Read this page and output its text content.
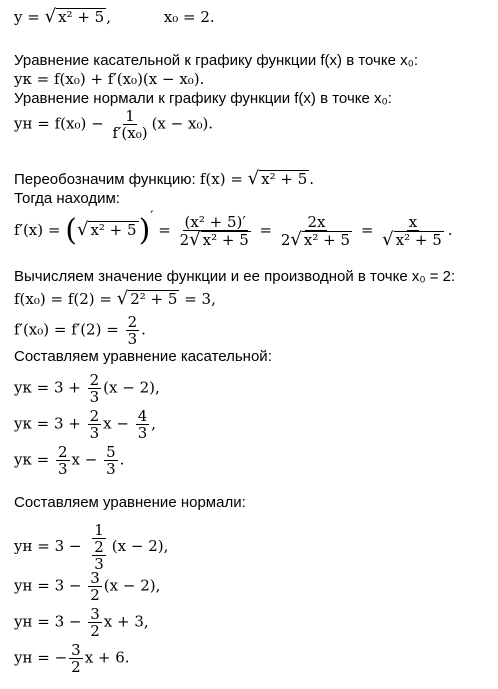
y = √ x² + 5 ,	x₀ = 2.
Уравнение касательной к графику функции f(x) в точке x₀:
yк = f(x₀) + f′(x₀)(x − x₀).
Уравнение нормали к графику функции f(x) в точке x₀:
yн = $f(x_0) - \frac{1}{\text{f′(x₀)}} (x - x_0)$.
Переобозначим функцию: f(x) = √ x² + 5 .
Тогда находим:
f′(x) = ( √ x² + 5 )$' = \frac{\text{(x² + 5)′}}{\text{2 √ x² + 5}} = \frac{2x}{\text{2 √ x² + 5}} = \frac{x}{\text{√ x² + 5}}$ .
Вычисляем значение функции и ее производной в точке x₀ = 2:
f(x₀) = f(2) = √ 2² + 5 = 3,
$f'(x_0) = f'(2) = \frac{2}{3}$ .
Составляем уравнение касательной:
yк = $3 + \frac{2}{3} (x - 2)$,
yк = $3 + \frac{2}{3}$ $x - \frac{4}{3}$ ,
yк = $\frac{2}{3}$ $x - \frac{5}{3}$ .
Составляем уравнение нормали:
yн = $3 - \frac{1}{\frac{2}{3}} (x - 2)$,
yн = $3 - \frac{3}{2} (x - 2)$,
yн = $3 - \frac{3}{2}$ x + 3,
yн = − $\frac{3}{2}$ x + 6.
